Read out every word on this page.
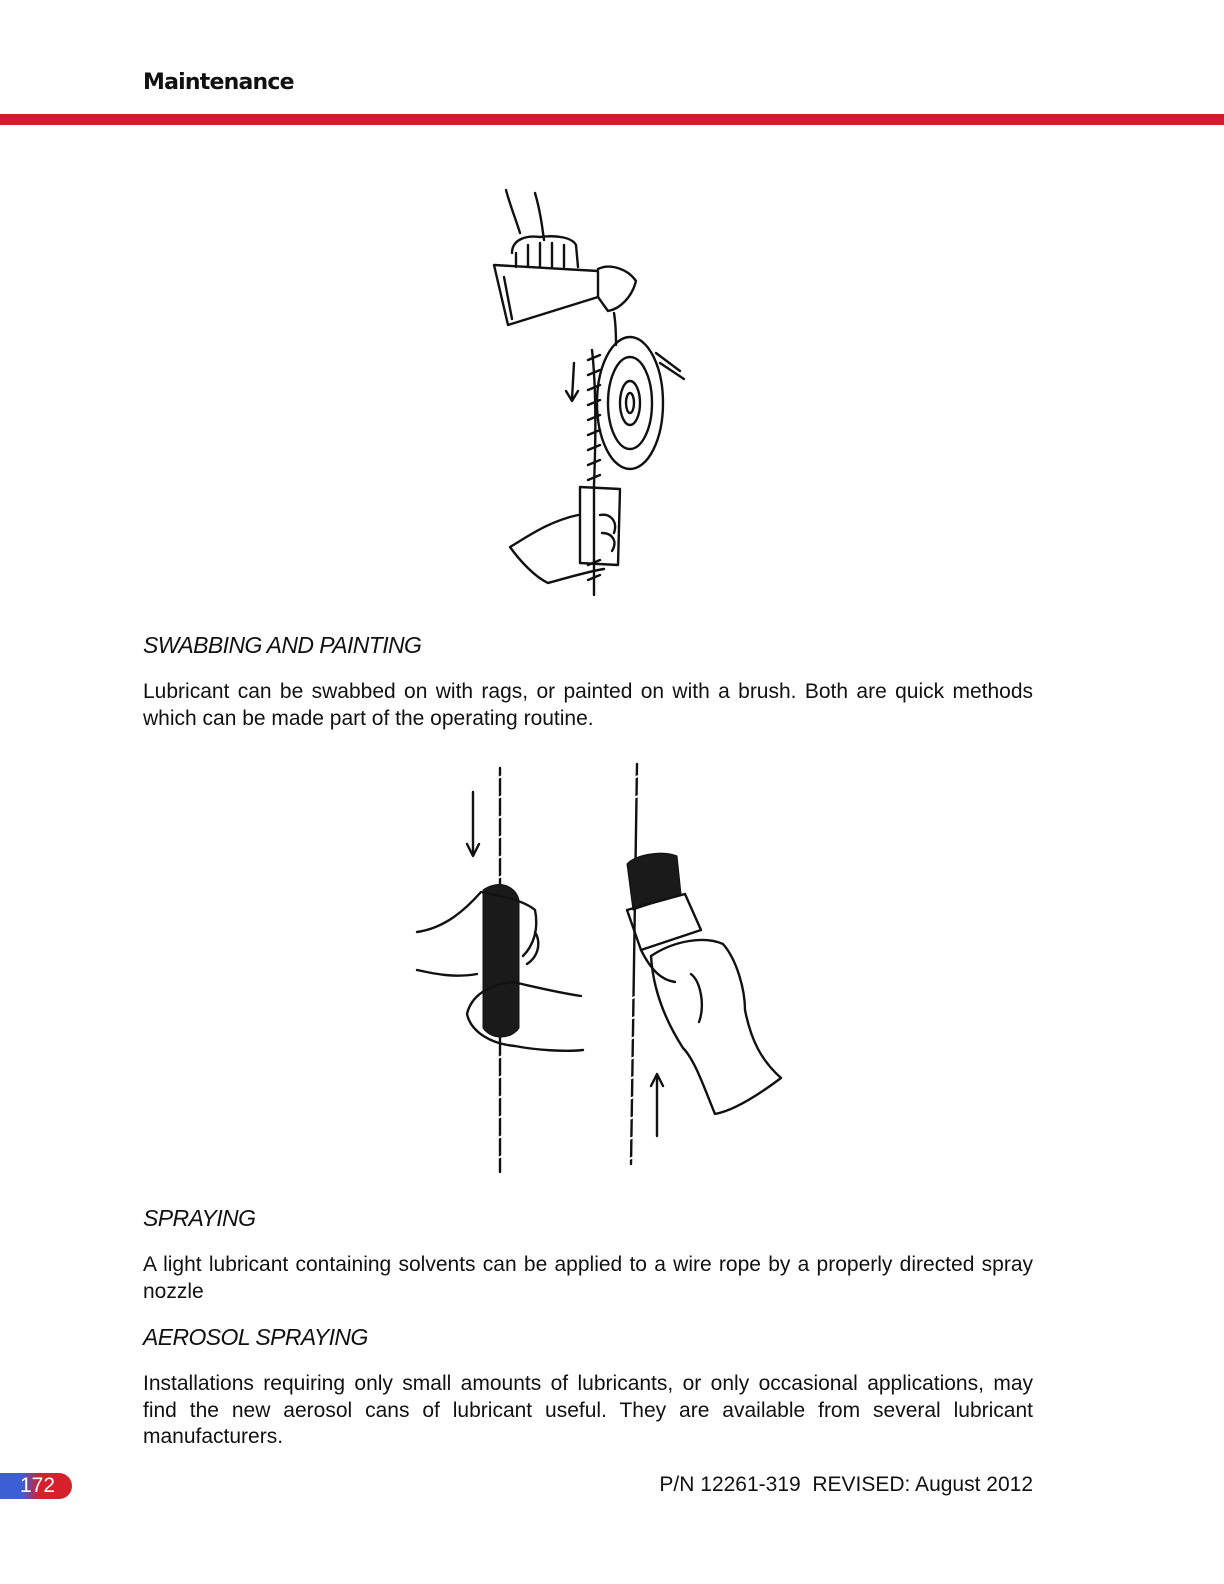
Maintenance
SWABBING AND PAINTING

Lubricant can be swabbed on with rags, or painted on with a brush. Both are quick methods which can be made part of the operating routine.

SPRAYING

A light lubricant containing solvents can be applied to a wire rope by a properly directed spray nozzle

AEROSOL SPRAYING

Installations requiring only small amounts of lubricants, or only occasional applications, may find the new aerosol cans of lubricant useful. They are available from several lubricant manufacturers.

172	P/N 12261-319  REVISED: August 2012
